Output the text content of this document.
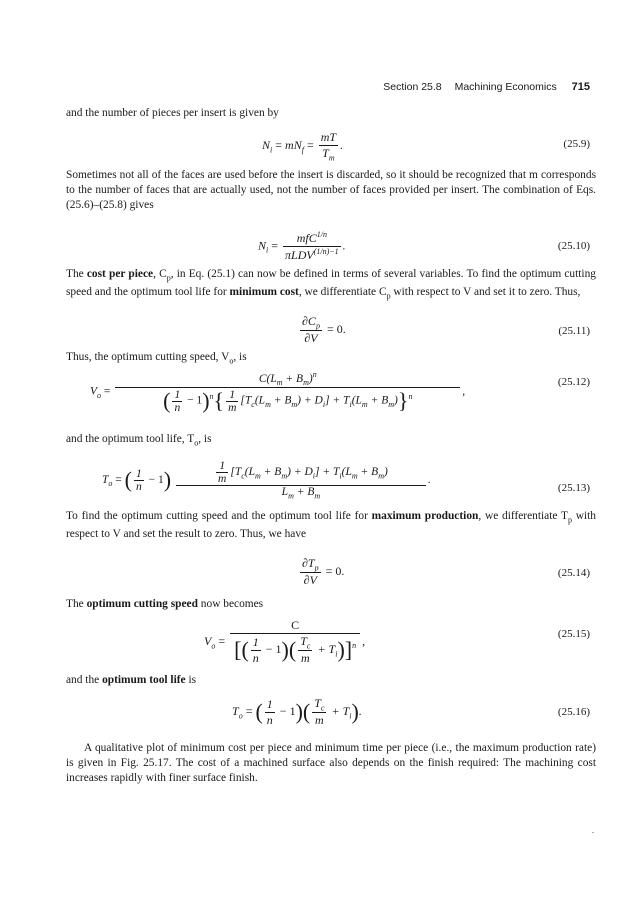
Section 25.8 Machining Economics 715
and the number of pieces per insert is given by
$N_i = mN_f = \frac{mT}{T_m}$ .	(25.9)
Sometimes not all of the faces are used before the insert is discarded, so it should be recognized that m corresponds to the number of faces that are actually used, not the number of faces provided per insert. The combination of Eqs. (25.6)–(25.8) gives
$N_i = \frac{mfC^{1/n}}{\pi LDV^{(1/n)-1}}$ .	(25.10)
The cost per piece, $C_p$, in Eq. (25.1) can now be defined in terms of several variables. To find the optimum cutting speed and the optimum tool life for minimum cost, we differentiate $C_p$ with respect to V and set it to zero. Thus,
$\frac{\partial C_p}{\partial V} = 0$.	(25.11)
Thus, the optimum cutting speed, $V_o$, is
$V_o = \frac{C(L_m + B_m)^n}{( \frac{1}{n} - 1)^n\{ \frac{1}{m} [T_c(L_m + B_m) + D_i] + T_i(L_m + B_m)\}^n}$ ,
(25.12)
and the optimum tool life, $T_o$, is
$T_o$ = ( $\frac{1}{n} - 1) \frac{\frac{1}{m} [T_c(L_m + B_m) + D_i] + T_i(L_m + B_m)}{L_m + B_m}$ .
(25.13)
To find the optimum cutting speed and the optimum tool life for maximum production, we differentiate $T_p$ with respect to V and set the result to zero. Thus, we have
$\frac{\partial T_p}{\partial V} = 0$.	(25.14)
The optimum cutting speed now becomes
$V_o = \frac{C}{[( \frac{1}{n} - 1)( \frac{T_c}{m} + T_i)]^n}$ ,	(25.15)
and the optimum tool life is
$T_o$ = ( $\frac{1}{n} - 1)( \frac{T_c}{m} + T_i)$.	(25.16)
A qualitative plot of minimum cost per piece and minimum time per piece (i.e., the maximum production rate) is given in Fig. 25.17. The cost of a machined surface also depends on the finish required: The machining cost increases rapidly with finer surface finish.
.
